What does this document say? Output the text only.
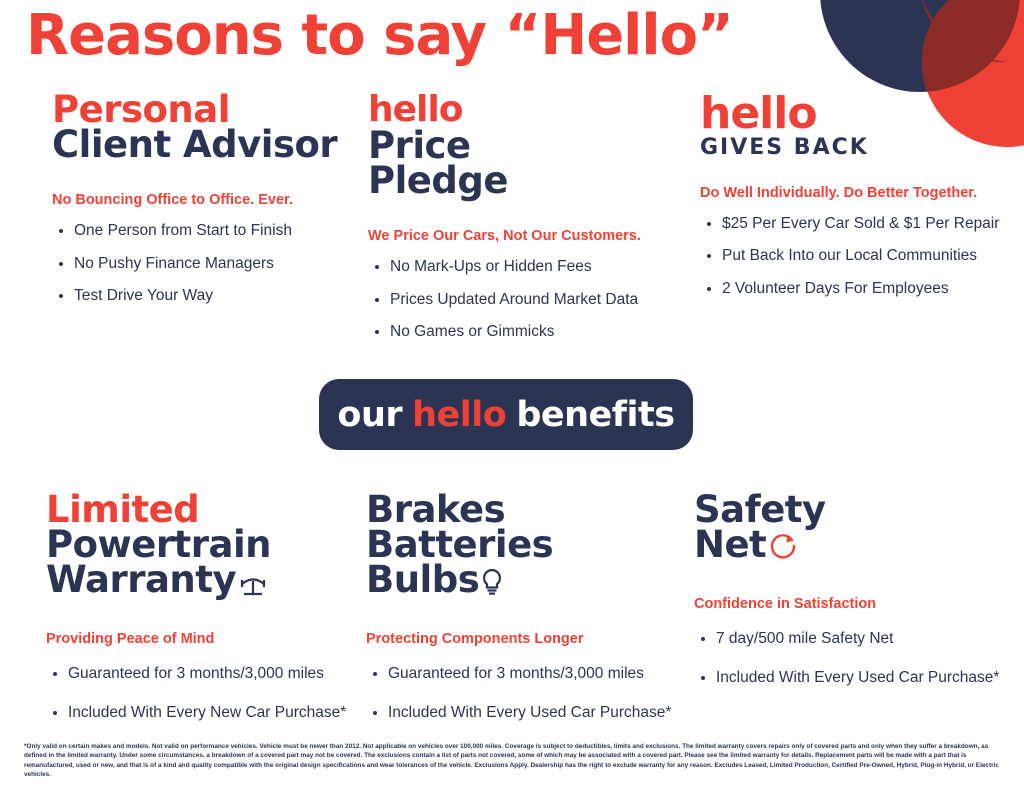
Reasons to say “Hello”
Personal
Client Advisor
No Bouncing Office to Office. Ever.
• One Person from Start to Finish
• No Pushy Finance Managers
• Test Drive Your Way
hello
Price
Pledge
We Price Our Cars, Not Our Customers.
• No Mark-Ups or Hidden Fees
• Prices Updated Around Market Data
• No Games or Gimmicks
hello
GIVES BACK
Do Well Individually. Do Better Together.
• $25 Per Every Car Sold & $1 Per Repair
• Put Back Into our Local Communities
• 2 Volunteer Days For Employees
our hello benefits
Limited
Powertrain
Warranty
Providing Peace of Mind
• Guaranteed for 3 months/3,000 miles
• Included With Every New Car Purchase*
Brakes
Batteries
Bulbs
Protecting Components Longer
• Guaranteed for 3 months/3,000 miles
• Included With Every Used Car Purchase*
Safety
Net
Confidence in Satisfaction
• 7 day/500 mile Safety Net
• Included With Every Used Car Purchase*
*Only valid on certain makes and models. Not valid on performance vehicles. Vehicle must be newer than 2012. Not applicable on vehicles over 100,000 miles. Coverage is subject to deductibles, limits and exclusions. The limited warranty covers repairs only of covered parts and only when they suffer a breakdown, as defined in the limited warranty. Under some circumstances, a breakdown of a covered part may not be covered. The exclusions contain a list of parts not covered, some of which may be associated with a covered part. Please see the limited warranty for details. Replacement parts will be made with a part that is remanufactured, used or new, and that is of a kind and quality compatible with the original design specifications and wear tolerances of the vehicle. Exclusions Apply. Dealership has the right to exclude warranty for any reason. Excludes Leased, Limited Production, Certified Pre-Owned, Hybrid, Plug-in Hybrid, or Electric vehicles.
